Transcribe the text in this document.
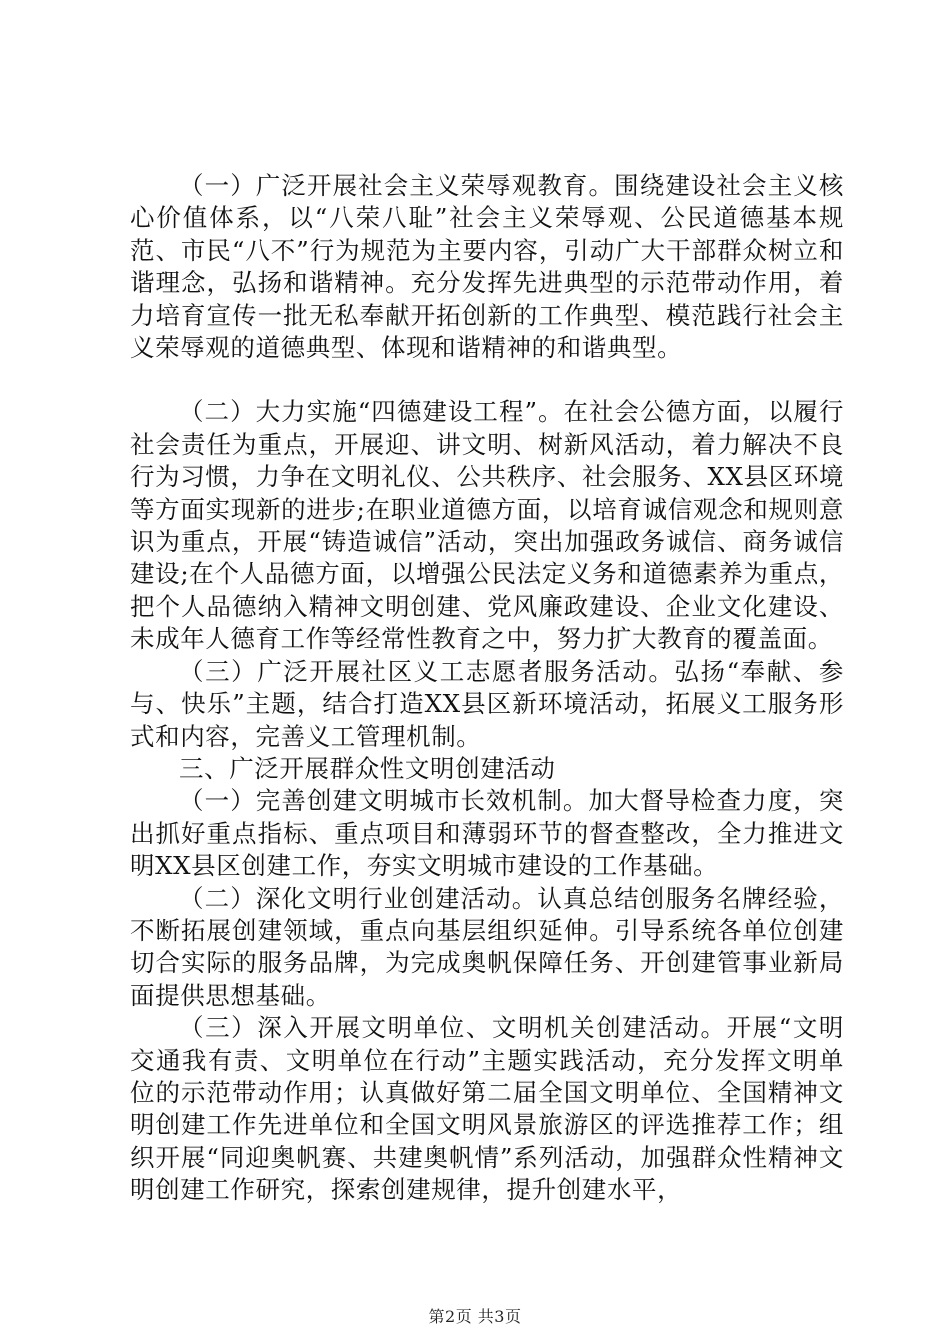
（一）广泛开展社会主义荣辱观教育。围绕建设社会主义核心价值体系，以“八荣八耻”社会主义荣辱观、公民道德基本规范、市民“八不”行为规范为主要内容，引动广大干部群众树立和谐理念，弘扬和谐精神。充分发挥先进典型的示范带动作用，着力培育宣传一批无私奉献开拓创新的工作典型、模范践行社会主义荣辱观的道德典型、体现和谐精神的和谐典型。

（二）大力实施“四德建设工程”。在社会公德方面，以履行社会责任为重点，开展迎、讲文明、树新风活动，着力解决不良行为习惯，力争在文明礼仪、公共秩序、社会服务、XX县区环境等方面实现新的进步;在职业道德方面，以培育诚信观念和规则意识为重点，开展“铸造诚信”活动，突出加强政务诚信、商务诚信建设;在个人品德方面，以增强公民法定义务和道德素养为重点，把个人品德纳入精神文明创建、党风廉政建设、企业文化建设、未成年人德育工作等经常性教育之中，努力扩大教育的覆盖面。

（三）广泛开展社区义工志愿者服务活动。弘扬“奉献、参与、快乐”主题，结合打造XX县区新环境活动，拓展义工服务形式和内容，完善义工管理机制。

三、广泛开展群众性文明创建活动

（一）完善创建文明城市长效机制。加大督导检查力度，突出抓好重点指标、重点项目和薄弱环节的督查整改，全力推进文明XX县区创建工作，夯实文明城市建设的工作基础。

（二）深化文明行业创建活动。认真总结创服务名牌经验，不断拓展创建领域，重点向基层组织延伸。引导系统各单位创建切合实际的服务品牌，为完成奥帆保障任务、开创建管事业新局面提供思想基础。

（三）深入开展文明单位、文明机关创建活动。开展“文明交通我有责、文明单位在行动”主题实践活动，充分发挥文明单位的示范带动作用；认真做好第二届全国文明单位、全国精神文明创建工作先进单位和全国文明风景旅游区的评选推荐工作；组织开展“同迎奥帆赛、共建奥帆情”系列活动，加强群众性精神文明创建工作研究，探索创建规律，提升创建水平，

第2页 共3页
